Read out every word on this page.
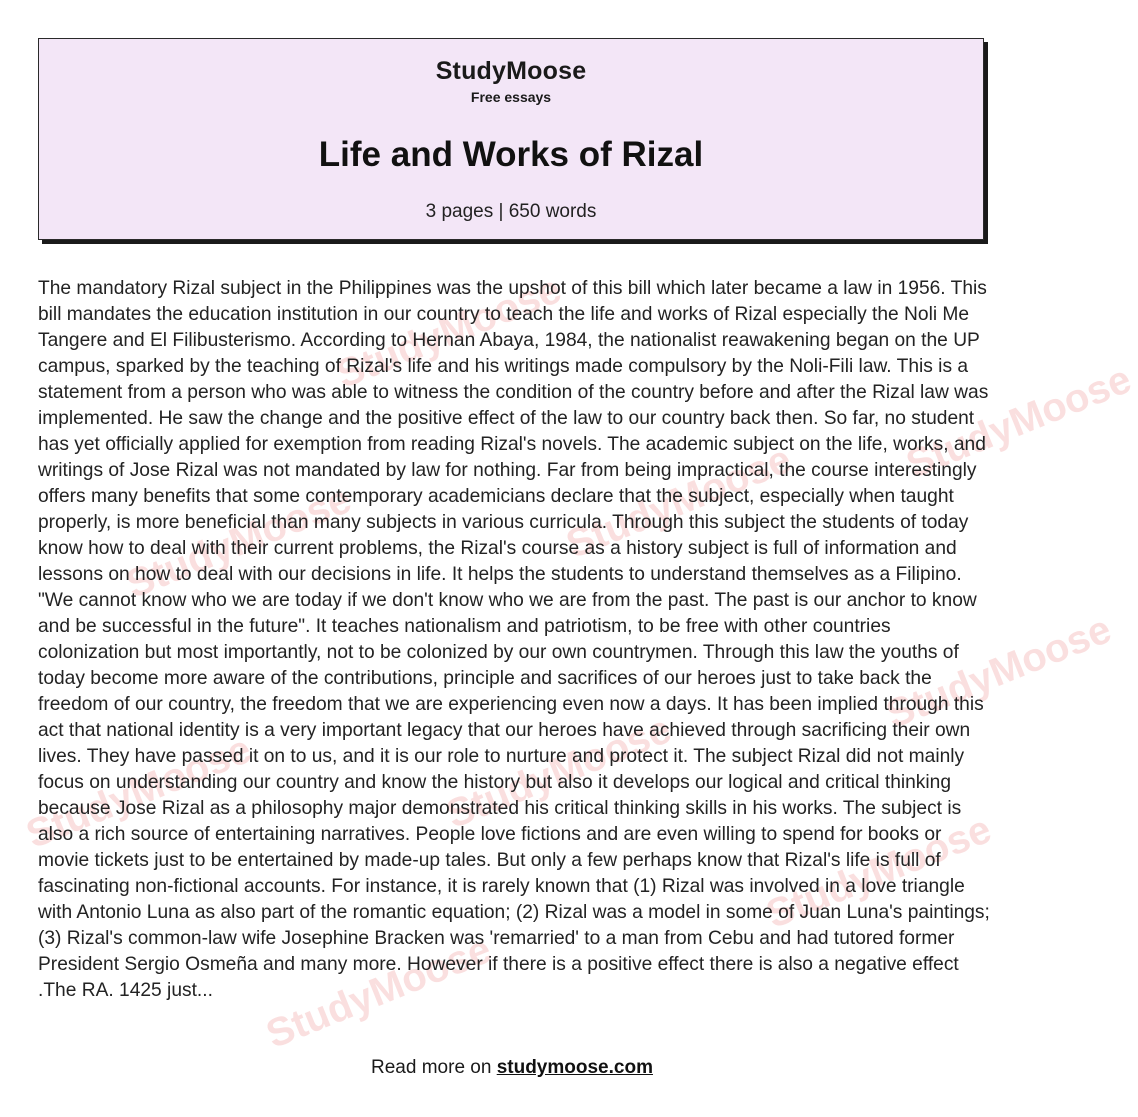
StudyMoose
Free essays
Life and Works of Rizal
3 pages | 650 words
StudyMoose
StudyMoose
StudyMoose	StudyMoose
StudyMoose
StudyMoose	StudyMoose
StudyMoose
StudyMoose

The mandatory Rizal subject in the Philippines was the upshot of this bill which later became a law in 1956. This bill mandates the education institution in our country to teach the life and works of Rizal especially the Noli Me Tangere and El Filibusterismo. According to Hernan Abaya, 1984, the nationalist reawakening began on the UP campus, sparked by the teaching of Rizal's life and his writings made compulsory by the Noli-Fili law. This is a statement from a person who was able to witness the condition of the country before and after the Rizal law was implemented. He saw the change and the positive effect of the law to our country back then. So far, no student has yet officially applied for exemption from reading Rizal's novels. The academic subject on the life, works, and writings of Jose Rizal was not mandated by law for nothing. Far from being impractical, the course interestingly offers many benefits that some contemporary academicians declare that the subject, especially when taught properly, is more beneficial than many subjects in various curricula. Through this subject the students of today know how to deal with their current problems, the Rizal's course as a history subject is full of information and lessons on how to deal with our decisions in life. It helps the students to understand themselves as a Filipino. "We cannot know who we are today if we don't know who we are from the past. The past is our anchor to know and be successful in the future". It teaches nationalism and patriotism, to be free with other countries colonization but most importantly, not to be colonized by our own countrymen. Through this law the youths of today become more aware of the contributions, principle and sacrifices of our heroes just to take back the freedom of our country, the freedom that we are experiencing even now a days. It has been implied through this act that national identity is a very important legacy that our heroes have achieved through sacrificing their own lives. They have passed it on to us, and it is our role to nurture and protect it. The subject Rizal did not mainly focus on understanding our country and know the history but also it develops our logical and critical thinking because Jose Rizal as a philosophy major demonstrated his critical thinking skills in his works. The subject is also a rich source of entertaining narratives. People love fictions and are even willing to spend for books or movie tickets just to be entertained by made-up tales. But only a few perhaps know that Rizal's life is full of fascinating non-fictional accounts. For instance, it is rarely known that (1) Rizal was involved in a love triangle with Antonio Luna as also part of the romantic equation; (2) Rizal was a model in some of Juan Luna's paintings; (3) Rizal's common-law wife Josephine Bracken was 'remarried' to a man from Cebu and had tutored former President Sergio Osmeña and many more. However if there is a positive effect there is also a negative effect .The RA. 1425 just...

Read more on studymoose.com
